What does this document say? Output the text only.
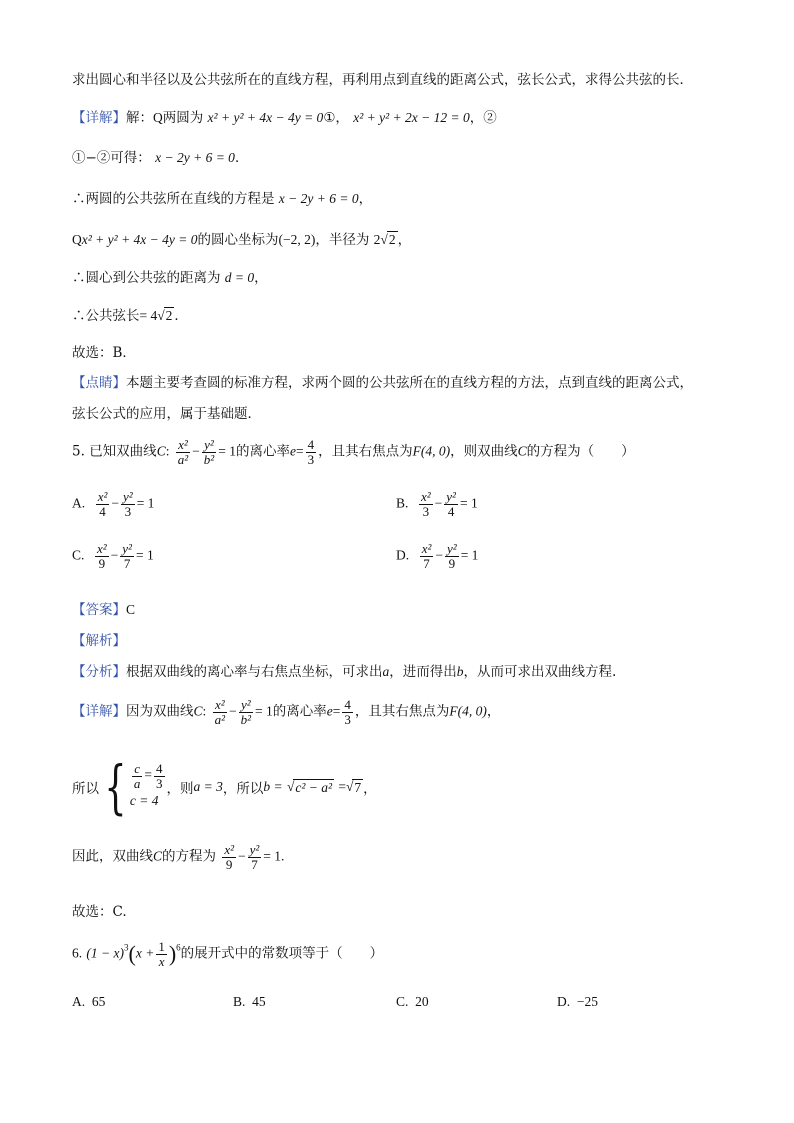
求出圆心和半径以及公共弦所在的直线方程，再利用点到直线的距离公式，弦长公式，求得公共弦的长．
【详解】解：Q两圆为 x² + y² + 4x − 4y = 0①， x² + y² + 2x − 12 = 0，②
①−②可得： x − 2y + 6 = 0．
∴两圆的公共弦所在直线的方程是 x − 2y + 6 = 0，
Qx² + y² + 4x − 4y = 0的圆心坐标为(−2, 2)，半径为 2√2 ，
∴圆心到公共弦的距离为 d = 0，
∴公共弦长= 4√2 ．
故选：B．
【点睛】本题主要考查圆的标准方程，求两个圆的公共弦所在的直线方程的方法，点到直线的距离公式，
弦长公式的应用，属于基础题．
5. 已知双曲线C: $\frac{\text{x²}}{\text{a²}} - \frac{\text{y²}}{\text{b²}} = 1$的离心率$e= \frac{4}{3}$ ，且其右焦点为F(4, 0)，则双曲线C的方程为（　　）
A. $\frac{\text{x²}}{4} - \frac{\text{y²}}{3} = 1$	B. $\frac{\text{x²}}{3} - \frac{\text{y²}}{4} = 1$
C. $\frac{\text{x²}}{9} - \frac{\text{y²}}{7} = 1$	D. $\frac{\text{x²}}{7} - \frac{\text{y²}}{9} = 1$
【答案】C
【解析】
【分析】根据双曲线的离心率与右焦点坐标，可求出a，进而得出b，从而可求出双曲线方程.
【详解】因为双曲线C: $\frac{\text{x²}}{\text{a²}} - \frac{\text{y²}}{\text{b²}} = 1$的离心率$e= \frac{4}{3}$ ，且其右焦点为F(4, 0)，
所以{ $\frac{c}{a} = \frac{4}{3}$
c = 4
，则a = 3，所以b = √c² − a² =√7 ，
因此，双曲线C的方程为 $\frac{\text{x²}}{9} - \frac{\text{y²}}{7} = 1$.
故选：C.
6. $(1 - x)^3(x + \frac{1}{x} )^6$的展开式中的常数项等于（　　）
A. 65	B. 45	C. 20	D. −25
